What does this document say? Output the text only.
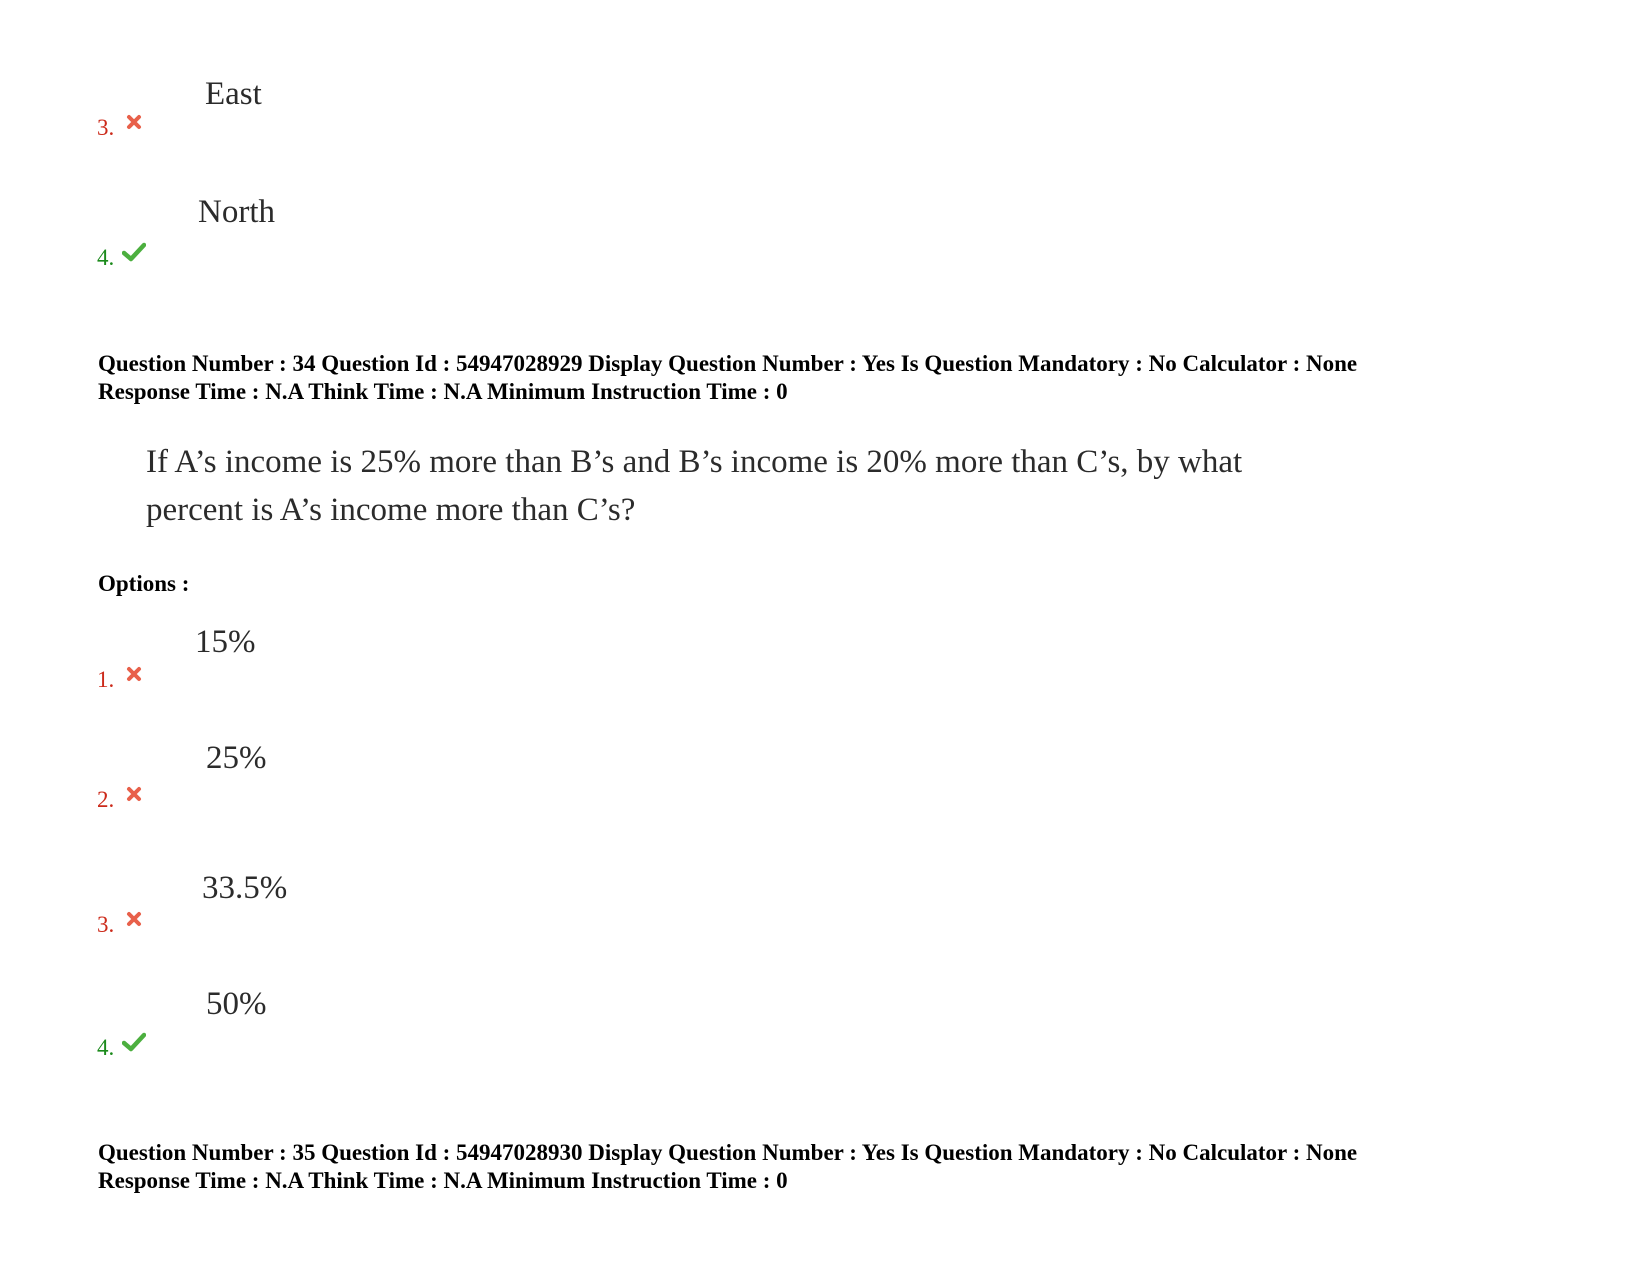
East
3.
North
4.
Question Number : 34 Question Id : 54947028929 Display Question Number : Yes Is Question Mandatory : No Calculator : None
Response Time : N.A Think Time : N.A Minimum Instruction Time : 0
If A’s income is 25% more than B’s and B’s income is 20% more than C’s, by what
percent is A’s income more than C’s?
Options :
15%
1.
25%
2.
33.5%
3.
50%
4.
Question Number : 35 Question Id : 54947028930 Display Question Number : Yes Is Question Mandatory : No Calculator : None
Response Time : N.A Think Time : N.A Minimum Instruction Time : 0
